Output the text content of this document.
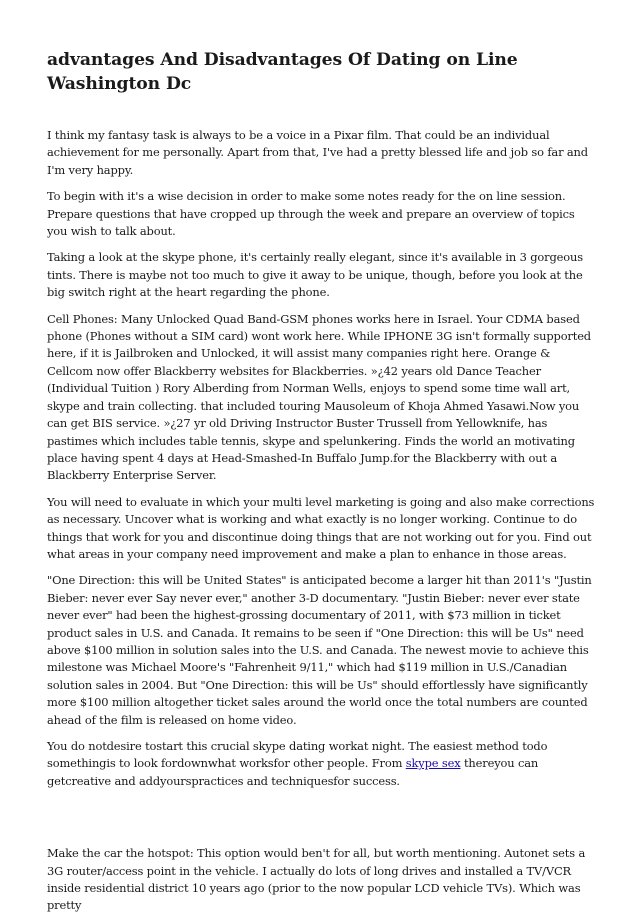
advantages And Disadvantages Of Dating on Line Washington Dc

I think my fantasy task is always to be a voice in a Pixar film. That could be an individual achievement for me personally. Apart from that, I've had a pretty blessed life and job so far and I'm very happy.

To begin with it's a wise decision in order to make some notes ready for the on line session. Prepare questions that have cropped up through the week and prepare an overview of topics you wish to talk about.

Taking a look at the skype phone, it's certainly really elegant, since it's available in 3 gorgeous tints. There is maybe not too much to give it away to be unique, though, before you look at the big switch right at the heart regarding the phone.

Cell Phones: Many Unlocked Quad Band-GSM phones works here in Israel. Your CDMA based phone (Phones without a SIM card) wont work here. While IPHONE 3G isn't formally supported here, if it is Jailbroken and Unlocked, it will assist many companies right here. Orange & Cellcom now offer Blackberry websites for Blackberries. »¿42 years old Dance Teacher (Individual Tuition ) Rory Alberding from Norman Wells, enjoys to spend some time wall art, skype and train collecting. that included touring Mausoleum of Khoja Ahmed Yasawi.Now you can get BIS service. »¿27 yr old Driving Instructor Buster Trussell from Yellowknife, has pastimes which includes table tennis, skype and spelunkering. Finds the world an motivating place having spent 4 days at Head-Smashed-In Buffalo Jump.for the Blackberry with out a Blackberry Enterprise Server.

You will need to evaluate in which your multi level marketing is going and also make corrections as necessary. Uncover what is working and what exactly is no longer working. Continue to do things that work for you and discontinue doing things that are not working out for you. Find out what areas in your company need improvement and make a plan to enhance in those areas.

"One Direction: this will be United States" is anticipated become a larger hit than 2011's "Justin Bieber: never ever Say never ever," another 3-D documentary. "Justin Bieber: never ever state never ever" had been the highest-grossing documentary of 2011, with $73 million in ticket product sales in U.S. and Canada. It remains to be seen if "One Direction: this will be Us" need above $100 million in solution sales into the U.S. and Canada. The newest movie to achieve this milestone was Michael Moore's "Fahrenheit 9/11," which had $119 million in U.S./Canadian solution sales in 2004. But "One Direction: this will be Us" should effortlessly have significantly more $100 million altogether ticket sales around the world once the total numbers are counted ahead of the film is released on home video.

You do notdesire tostart this crucial skype dating workat night. The easiest method todo somethingis to look fordownwhat worksfor other people. From skype sex thereyou can getcreative and addyourspractices and techniquesfor success.

Make the car the hotspot: This option would ben't for all, but worth mentioning. Autonet sets a 3G router/access point in the vehicle. I actually do lots of long drives and installed a TV/VCR inside residential district 10 years ago (prior to the now popular LCD vehicle TVs). Which was pretty
